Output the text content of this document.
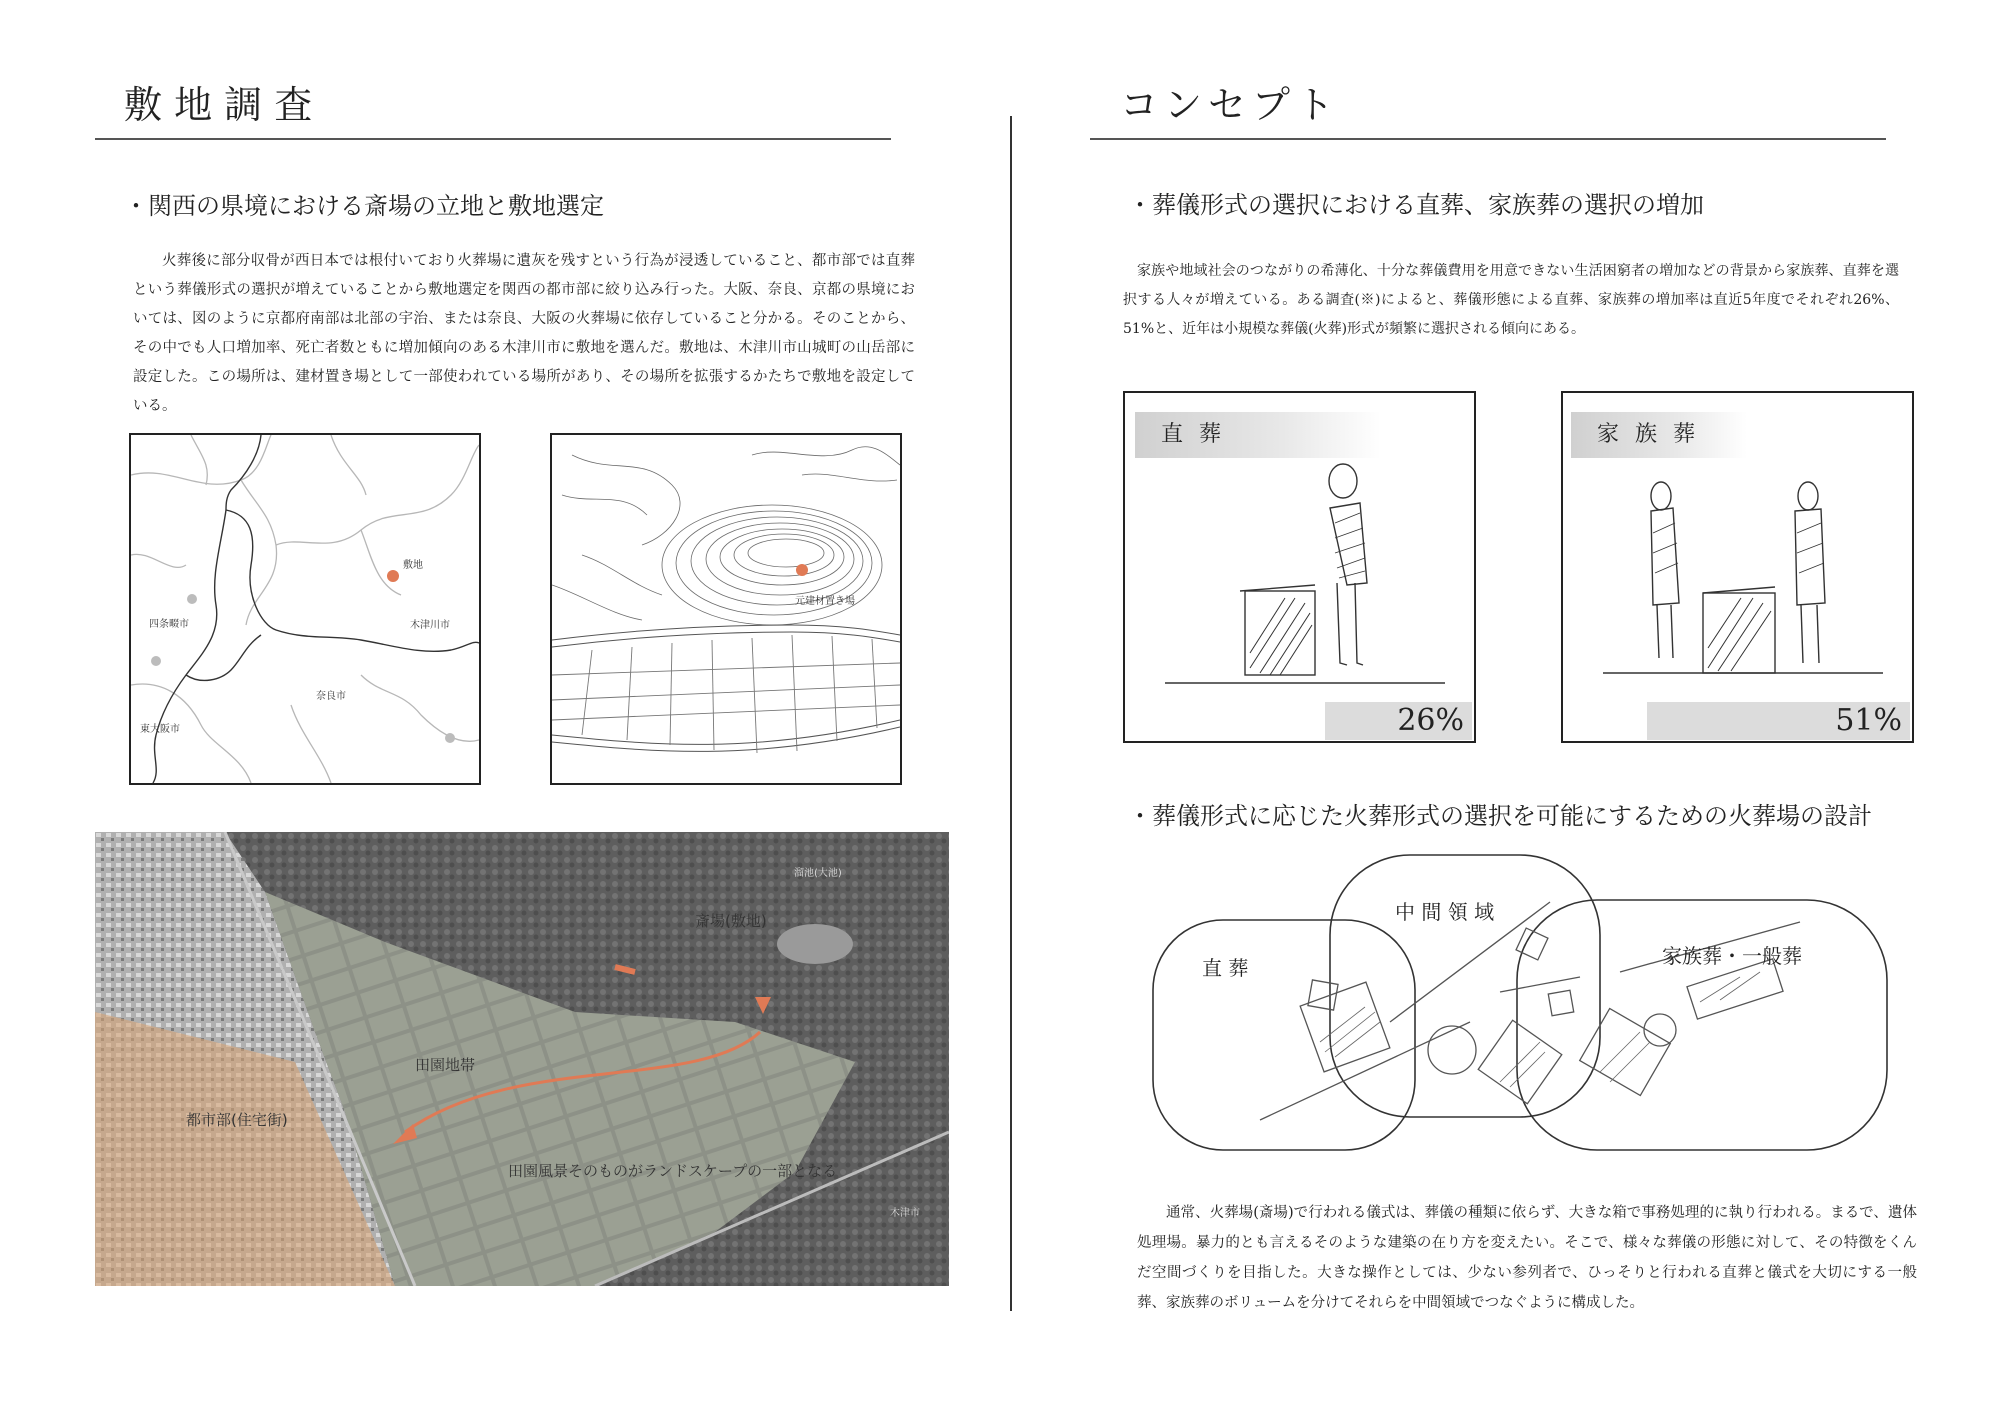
敷 地 調 査
・関西の県境における斎場の立地と敷地選定
火葬後に部分収骨が西日本では根付いており火葬場に遺灰を残すという行為が浸透していること、都市部では直葬という葬儀形式の選択が増えていることから敷地選定を関西の都市部に絞り込み行った。大阪、奈良、京都の県境においては、図のように京都府南部は北部の宇治、または奈良、大阪の火葬場に依存していること分かる。そのことから、その中でも人口増加率、死亡者数ともに増加傾向のある木津川市に敷地を選んだ。敷地は、木津川市山城町の山岳部に設定した。この場所は、建材置き場として一部使われている場所があり、その場所を拡張するかたちで敷地を設定している。
敷地
四条畷市	木津川市
奈良市
東大阪市
元建材置き場
斎場(敷地)
田園地帯
都市部(住宅街)
田園風景そのものがランドスケープの一部となる
溜池(大池)
木津市
コンセプト
・葬儀形式の選択における直葬、家族葬の選択の増加
家族や地域社会のつながりの希薄化、十分な葬儀費用を用意できない生活困窮者の増加などの背景から家族葬、直葬を選択する人々が増えている。ある調査(※)によると、葬儀形態による直葬、家族葬の増加率は直近5年度でそれぞれ26%、51%と、近年は小規模な葬儀(火葬)形式が頻繁に選択される傾向にある。
直葬
26%
家族葬
51%
・葬儀形式に応じた火葬形式の選択を可能にするための火葬場の設計
直 葬
中 間 領 域
家族葬・一般葬
通常、火葬場(斎場)で行われる儀式は、葬儀の種類に依らず、大きな箱で事務処理的に執り行われる。まるで、遺体処理場。暴力的とも言えるそのような建築の在り方を変えたい。そこで、様々な葬儀の形態に対して、その特徴をくんだ空間づくりを目指した。大きな操作としては、少ない参列者で、ひっそりと行われる直葬と儀式を大切にする一般葬、家族葬のボリュームを分けてそれらを中間領域でつなぐように構成した。
